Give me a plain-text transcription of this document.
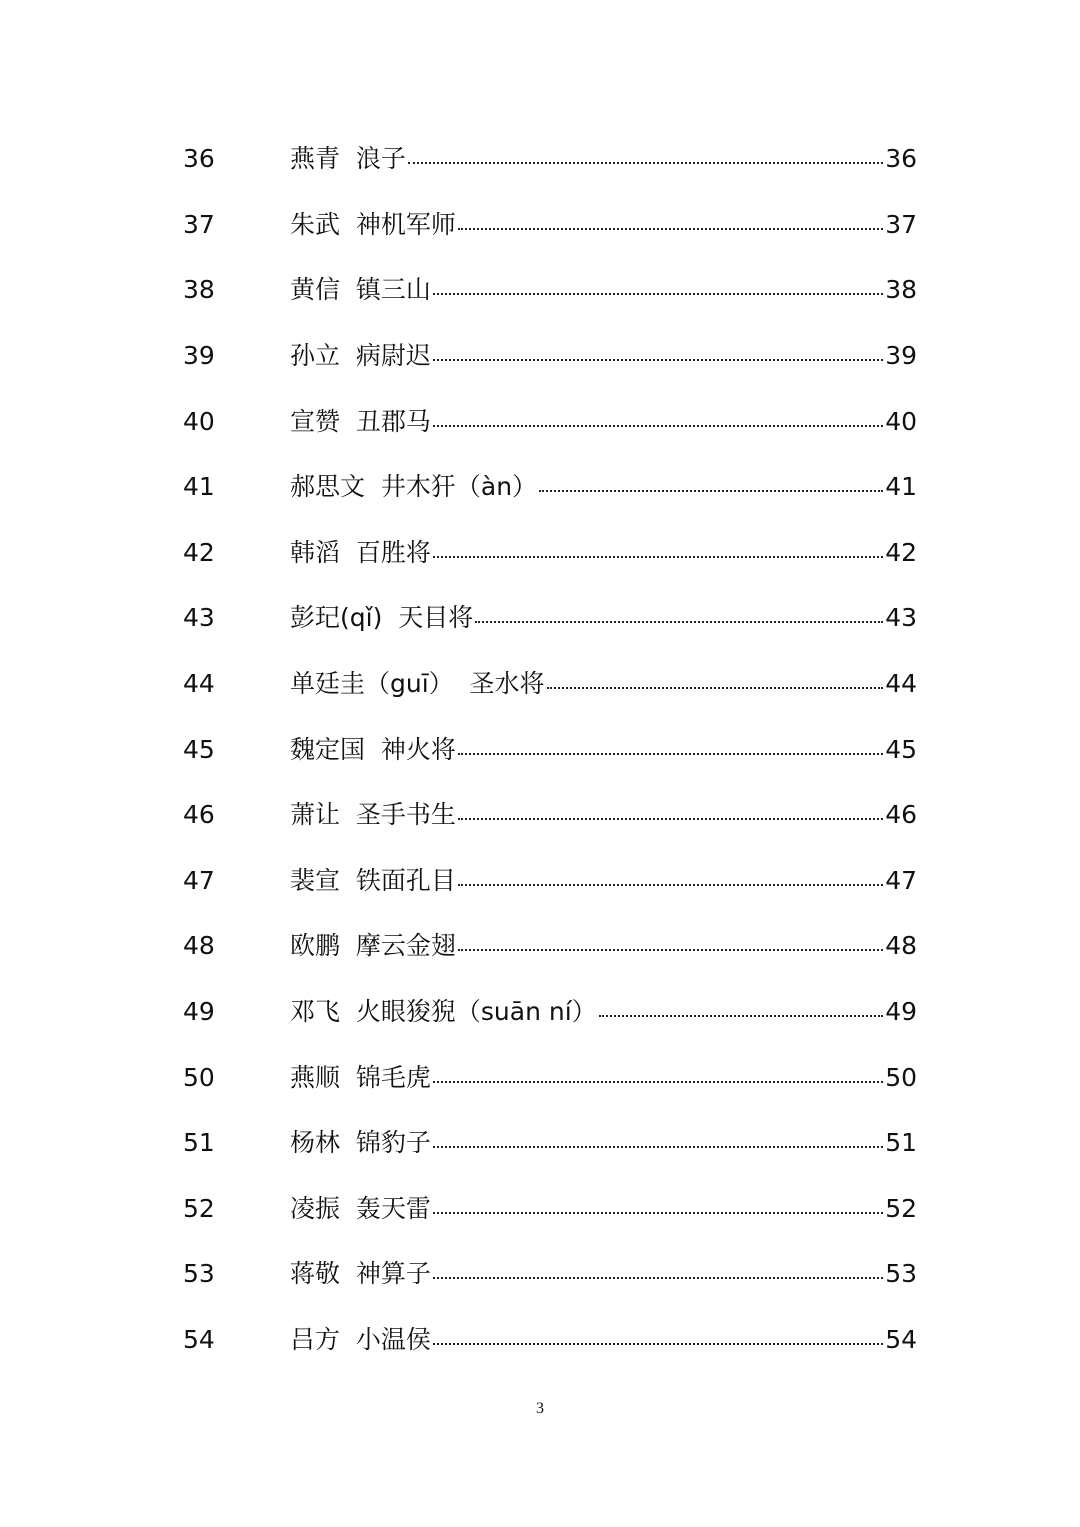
36	燕青  浪子	36
37	朱武  神机军师	37
38	黄信  镇三山	38
39	孙立  病尉迟	39
40	宣赞  丑郡马	40
41	郝思文  井木犴（àn）	41
42	韩滔  百胜将	42
43	彭玘(qǐ)  天目将	43
44	单廷圭（guī）  圣水将	44
45	魏定国  神火将	45
46	萧让  圣手书生	46
47	裴宣  铁面孔目	47
48	欧鹏  摩云金翅	48
49	邓飞  火眼狻猊（suān ní）	49
50	燕顺  锦毛虎	50
51	杨林  锦豹子	51
52	凌振  轰天雷	52
53	蒋敬  神算子	53
54	吕方  小温侯	54
3
